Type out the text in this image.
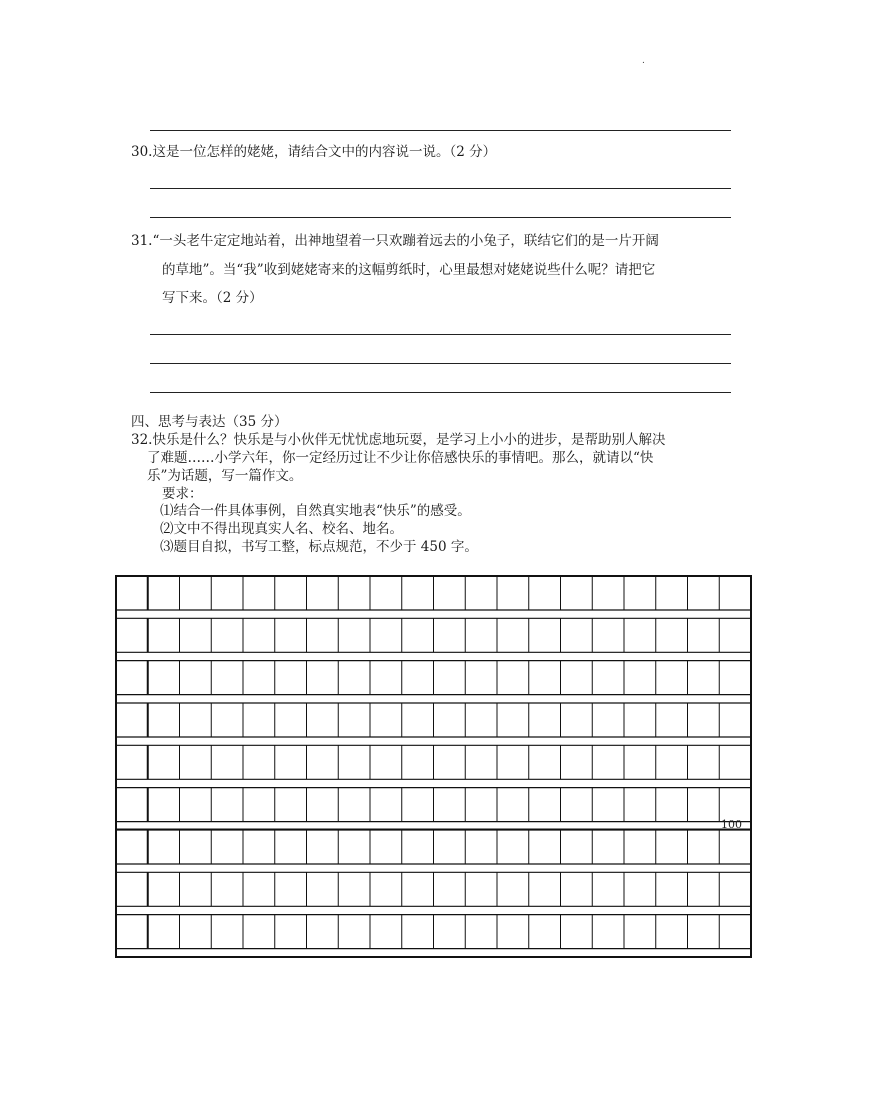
.
30.这是一位怎样的姥姥，请结合文中的内容说一说。（2 分）
31.“一头老牛定定地站着，出神地望着一只欢蹦着远去的小兔子，联结它们的是一片开阔
的草地”。当“我”收到姥姥寄来的这幅剪纸时，心里最想对姥姥说些什么呢？请把它
写下来。（2 分）
四、思考与表达（35 分）
32.快乐是什么？快乐是与小伙伴无忧忧虑地玩耍，是学习上小小的进步，是帮助别人解决
了难题……小学六年，你一定经历过让不少让你倍感快乐的事情吧。那么，就请以“快
乐”为话题，写一篇作文。
要求：
⑴结合一件具体事例，自然真实地表“快乐”的感受。
⑵文中不得出现真实人名、校名、地名。
⑶题目自拟，书写工整，标点规范，不少于 450 字。
100
